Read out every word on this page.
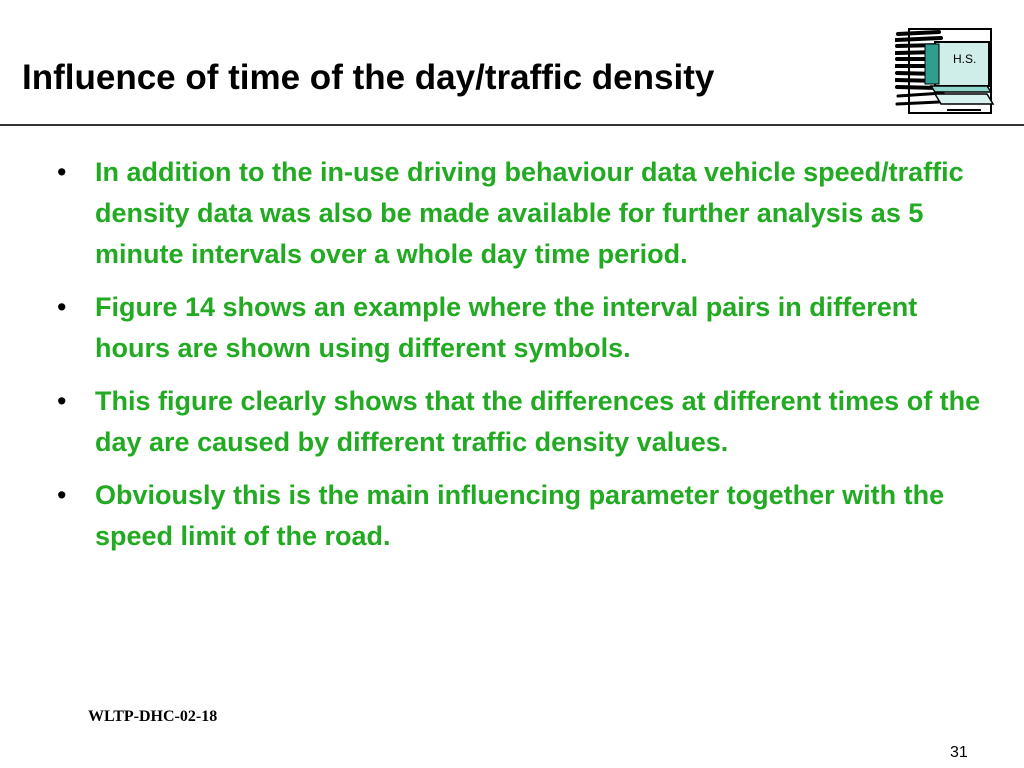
Influence of time of the day/traffic density	H.S.
• In addition to the in-use driving behaviour data vehicle speed/traffic density data was also be made available for further analysis as 5 minute intervals over a whole day time period.
• Figure 14 shows an example where the interval pairs in different hours are shown using different symbols.
• This figure clearly shows that the differences at different times of the day are caused by different traffic density values.
• Obviously this is the main influencing parameter together with the speed limit of the road.
WLTP-DHC-02-18
31
